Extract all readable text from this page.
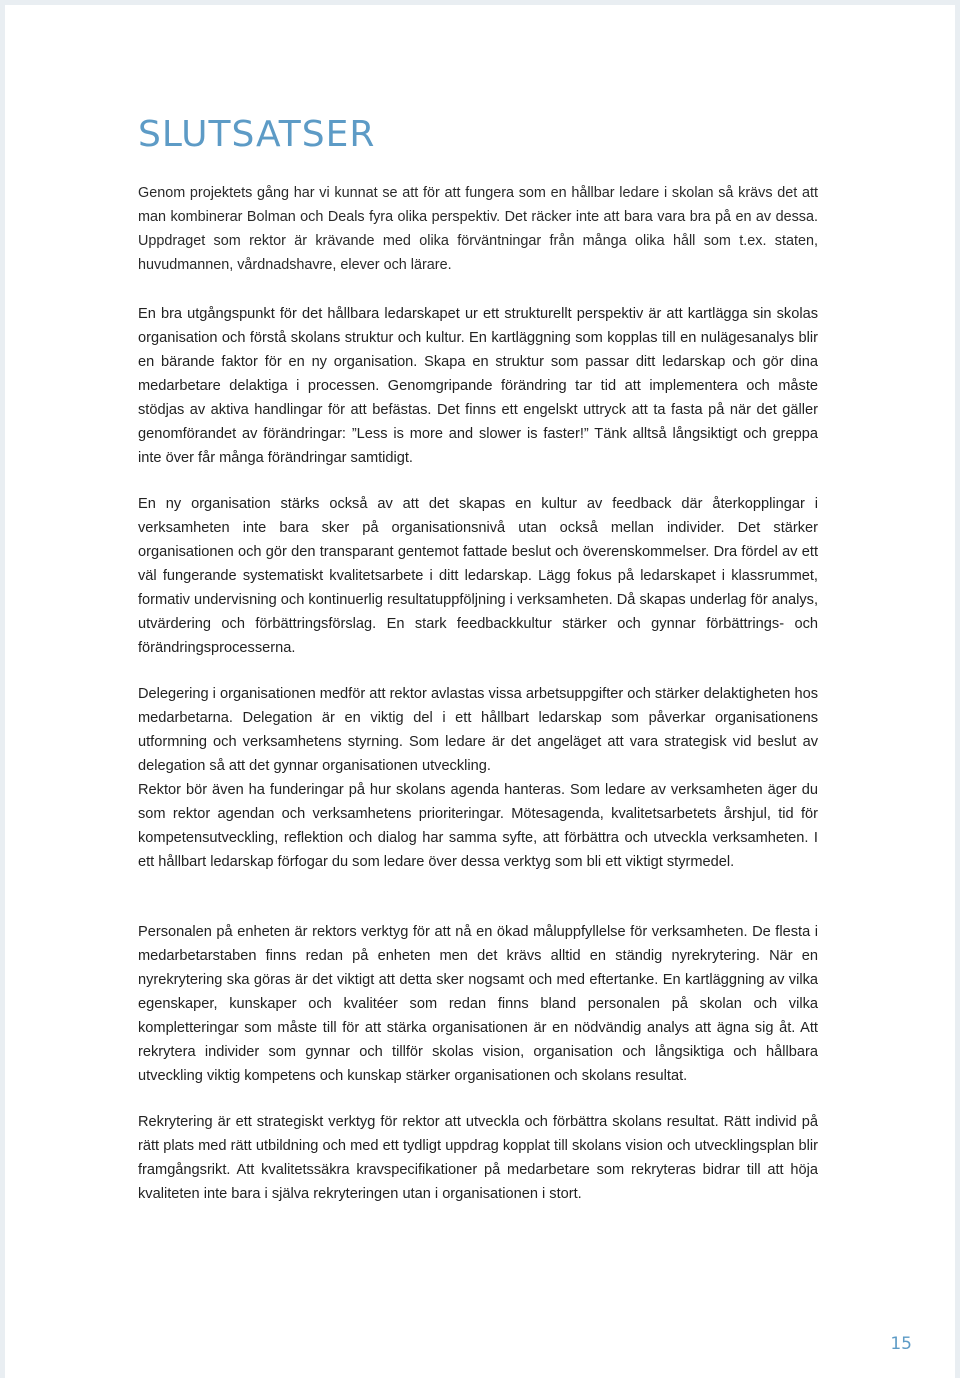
SLUTSATSER

Genom projektets gång har vi kunnat se att för att fungera som en hållbar ledare i skolan så krävs det att man kombinerar Bolman och Deals fyra olika perspektiv. Det räcker inte att bara vara bra på en av dessa. Uppdraget som rektor är krävande med olika förväntningar från många olika håll som t.ex. staten, huvudmannen, vårdnadshavre, elever och lärare.

En bra utgångspunkt för det hållbara ledarskapet ur ett strukturellt perspektiv är att kartlägga sin skolas organisation och förstå skolans struktur och kultur. En kartläggning som kopplas till en nulägesanalys blir en bärande faktor för en ny organisation. Skapa en struktur som passar ditt ledarskap och gör dina medarbetare delaktiga i processen. Genomgripande förändring tar tid att implementera och måste stödjas av aktiva handlingar för att befästas. Det finns ett engelskt uttryck att ta fasta på när det gäller genomförandet av förändringar: ”Less is more and slower is faster!” Tänk alltså långsiktigt och greppa inte över får många förändringar samtidigt.

En ny organisation stärks också av att det skapas en kultur av feedback där återkopplingar i verksamheten inte bara sker på organisationsnivå utan också mellan individer. Det stärker organisationen och gör den transparant gentemot fattade beslut och överenskommelser. Dra fördel av ett väl fungerande systematiskt kvalitetsarbete i ditt ledarskap. Lägg fokus på ledarskapet i klassrummet, formativ undervisning och kontinuerlig resultatuppföljning i verksamheten. Då skapas underlag för analys, utvärdering och förbättringsförslag. En stark feedbackkultur stärker och gynnar förbättrings- och förändringsprocesserna.

Delegering i organisationen medför att rektor avlastas vissa arbetsuppgifter och stärker delaktigheten hos medarbetarna. Delegation är en viktig del i ett hållbart ledarskap som påverkar organisationens utformning och verksamhetens styrning. Som ledare är det angeläget att vara strategisk vid beslut av delegation så att det gynnar organisationen utveckling.
Rektor bör även ha funderingar på hur skolans agenda hanteras. Som ledare av verksamheten äger du som rektor agendan och verksamhetens prioriteringar. Mötesagenda, kvalitetsarbetets årshjul, tid för kompetensutveckling, reflektion och dialog har samma syfte, att förbättra och utveckla verksamheten. I ett hållbart ledarskap förfogar du som ledare över dessa verktyg som bli ett viktigt styrmedel.

Personalen på enheten är rektors verktyg för att nå en ökad måluppfyllelse för verksamheten. De flesta i medarbetarstaben finns redan på enheten men det krävs alltid en ständig nyrekrytering. När en nyrekrytering ska göras är det viktigt att detta sker nogsamt och med eftertanke. En kartläggning av vilka egenskaper, kunskaper och kvalitéer som redan finns bland personalen på skolan och vilka kompletteringar som måste till för att stärka organisationen är en nödvändig analys att ägna sig åt. Att rekrytera individer som gynnar och tillför skolas vision, organisation och långsiktiga och hållbara utveckling viktig kompetens och kunskap stärker organisationen och skolans resultat.

Rekrytering är ett strategiskt verktyg för rektor att utveckla och förbättra skolans resultat. Rätt individ på rätt plats med rätt utbildning och med ett tydligt uppdrag kopplat till skolans vision och utvecklingsplan blir framgångsrikt. Att kvalitetssäkra kravspecifikationer på medarbetare som rekryteras bidrar till att höja kvaliteten inte bara i själva rekryteringen utan i organisationen i stort.

15
